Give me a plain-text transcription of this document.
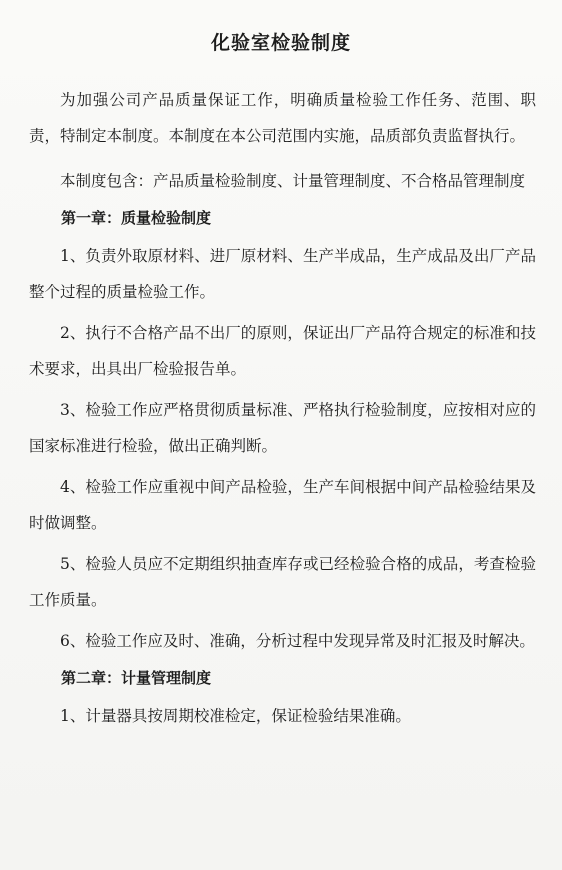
化验室检验制度

为加强公司产品质量保证工作，明确质量检验工作任务、范围、职责，特制定本制度。本制度在本公司范围内实施，品质部负责监督执行。

本制度包含：产品质量检验制度、计量管理制度、不合格品管理制度

第一章：质量检验制度

1、负责外取原材料、进厂原材料、生产半成品，生产成品及出厂产品整个过程的质量检验工作。

2、执行不合格产品不出厂的原则，保证出厂产品符合规定的标准和技术要求，出具出厂检验报告单。

3、检验工作应严格贯彻质量标准、严格执行检验制度，应按相对应的国家标准进行检验，做出正确判断。

4、检验工作应重视中间产品检验，生产车间根据中间产品检验结果及时做调整。

5、检验人员应不定期组织抽查库存或已经检验合格的成品，考查检验工作质量。

6、检验工作应及时、准确，分析过程中发现异常及时汇报及时解决。

第二章：计量管理制度

1、计量器具按周期校准检定，保证检验结果准确。
